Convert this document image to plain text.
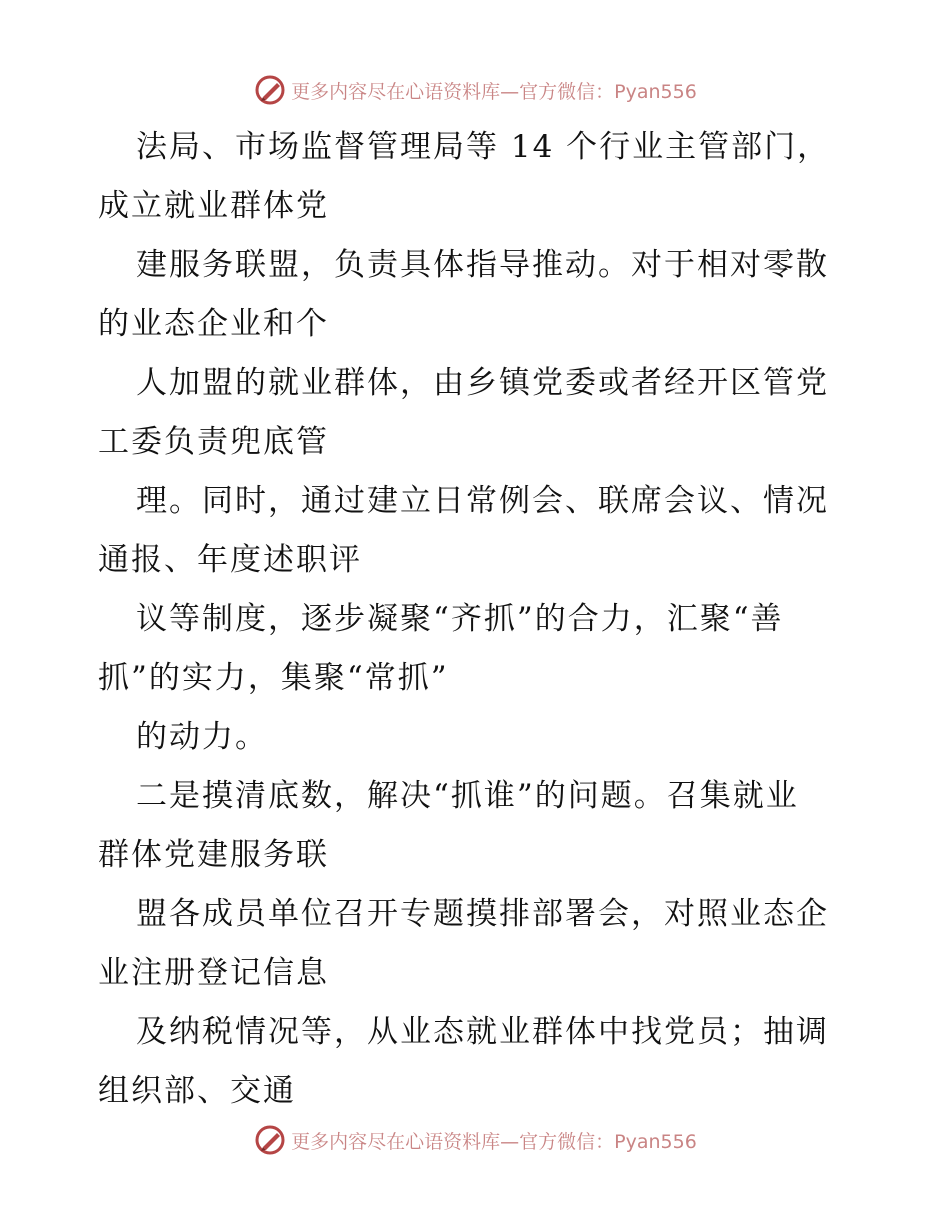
更多内容尽在心语资料库—官方微信：Pyan556
法局、市场监督管理局等 14 个行业主管部门，
成立就业群体党
建服务联盟，负责具体指导推动。对于相对零散
的业态企业和个
人加盟的就业群体，由乡镇党委或者经开区管党
工委负责兜底管
理。同时，通过建立日常例会、联席会议、情况
通报、年度述职评
议等制度，逐步凝聚“齐抓”的合力，汇聚“善
抓”的实力，集聚“常抓”
的动力。
二是摸清底数，解决“抓谁”的问题。召集就业
群体党建服务联
盟各成员单位召开专题摸排部署会，对照业态企
业注册登记信息
及纳税情况等，从业态就业群体中找党员；抽调
组织部、交通
更多内容尽在心语资料库—官方微信：Pyan556
